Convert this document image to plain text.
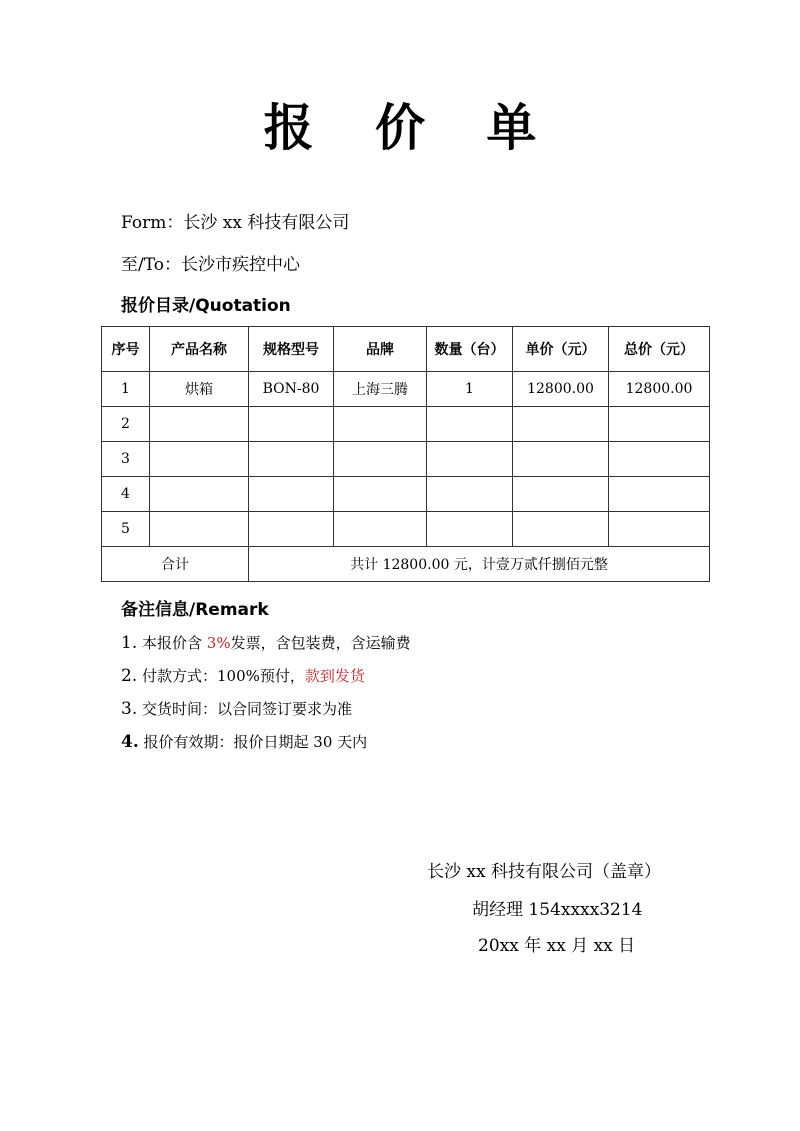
报 价 单
Form：长沙 xx 科技有限公司
至/To：长沙市疾控中心
报价目录/Quotation
序号	产品名称	规格型号	品牌	数量（台）	单价（元）	总价（元）
1	烘箱	BON-80	上海三腾	1	12800.00	12800.00
2						
3						
4						
5						
合计		共计 12800.00 元，计壹万贰仟捌佰元整				
备注信息/Remark
1. 本报价含 3%发票，含包装费，含运输费
2. 付款方式：100%预付，款到发货
3. 交货时间：以合同签订要求为准
4. 报价有效期：报价日期起 30 天内
长沙 xx 科技有限公司（盖章）
胡经理 154xxxx3214
20xx 年 xx 月 xx 日
